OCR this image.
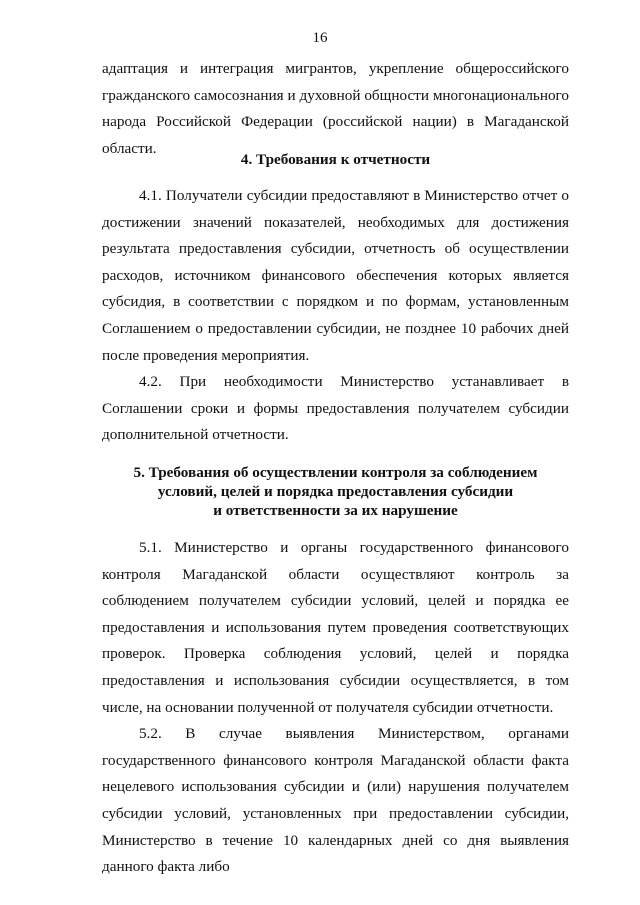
16

адаптация и интеграция мигрантов, укрепление общероссийского гражданского самосознания и духовной общности многонационального народа Российской Федерации (российской нации) в Магаданской области.

4. Требования к отчетности

4.1. Получатели субсидии предоставляют в Министерство отчет о достижении значений показателей, необходимых для достижения результата предоставления субсидии, отчетность об осуществлении расходов, источником финансового обеспечения которых является субсидия, в соответствии с порядком и по формам, установленным Соглашением о предоставлении субсидии, не позднее 10 рабочих дней после проведения мероприятия.

4.2. При необходимости Министерство устанавливает в Соглашении сроки и формы предоставления получателем субсидии дополнительной отчетности.

5. Требования об осуществлении контроля за соблюдением
условий, целей и порядка предоставления субсидии
и ответственности за их нарушение

5.1. Министерство и органы государственного финансового контроля Магаданской области осуществляют контроль за соблюдением получателем субсидии условий, целей и порядка ее предоставления и использования путем проведения соответствующих проверок. Проверка соблюдения условий, целей и порядка предоставления и использования субсидии осуществляется, в том числе, на основании полученной от получателя субсидии отчетности.

5.2. В случае выявления Министерством, органами государственного финансового контроля Магаданской области факта нецелевого использования субсидии и (или) нарушения получателем субсидии условий, установленных при предоставлении субсидии, Министерство в течение 10 календарных дней со дня выявления данного факта либо
